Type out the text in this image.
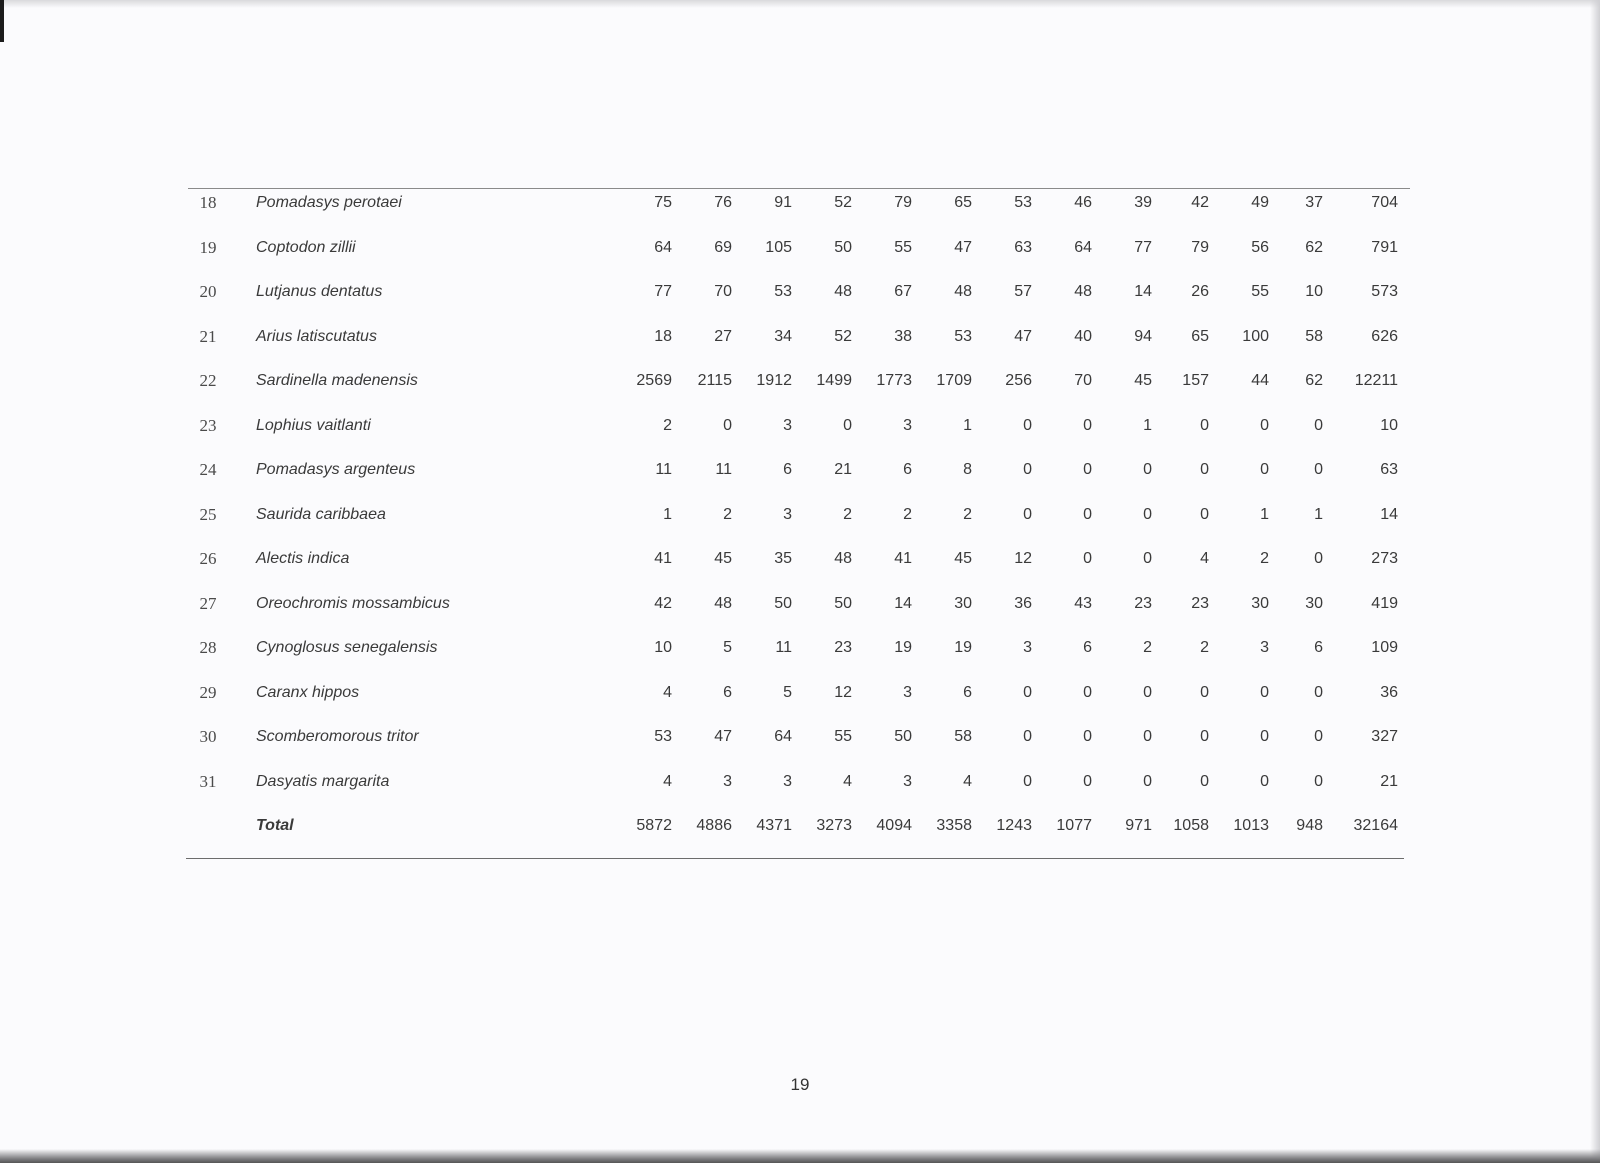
18	Pomadasys perotaei	75	76	91	52	79	65	53	46	39	42	49	37	704
19	Coptodon zillii	64	69	105	50	55	47	63	64	77	79	56	62	791
20	Lutjanus dentatus	77	70	53	48	67	48	57	48	14	26	55	10	573
21	Arius latiscutatus	18	27	34	52	38	53	47	40	94	65	100	58	626
22	Sardinella madenensis	2569	2115	1912	1499	1773	1709	256	70	45	157	44	62	12211
23	Lophius vaitlanti	2	0	3	0	3	1	0	0	1	0	0	0	10
24	Pomadasys argenteus	11	11	6	21	6	8	0	0	0	0	0	0	63
25	Saurida caribbaea	1	2	3	2	2	2	0	0	0	0	1	1	14
26	Alectis indica	41	45	35	48	41	45	12	0	0	4	2	0	273
27	Oreochromis mossambicus	42	48	50	50	14	30	36	43	23	23	30	30	419
28	Cynoglosus senegalensis	10	5	11	23	19	19	3	6	2	2	3	6	109
29	Caranx hippos	4	6	5	12	3	6	0	0	0	0	0	0	36
30	Scomberomorous tritor	53	47	64	55	50	58	0	0	0	0	0	0	327
31	Dasyatis margarita	4	3	3	4	3	4	0	0	0	0	0	0	21
Total	5872	4886	4371	3273	4094	3358	1243	1077	971	1058	1013	948	32164
19
